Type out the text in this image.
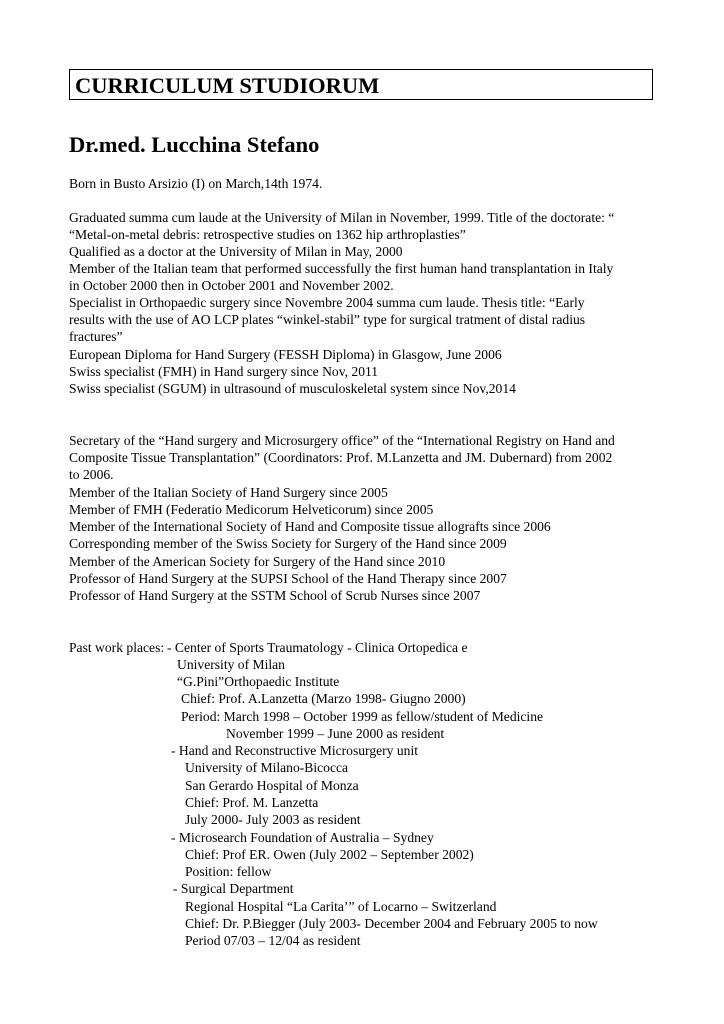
CURRICULUM STUDIORUM
Dr.med. Lucchina Stefano
Born in Busto Arsizio (I) on March,14th 1974.
Graduated summa cum laude at the University of Milan in November, 1999. Title of the doctorate: “
“Metal-on-metal debris: retrospective studies on 1362 hip arthroplasties”
Qualified as a doctor at the University of Milan in May, 2000
Member of the Italian team that performed successfully the first human hand transplantation in Italy
in October 2000 then in October 2001 and November 2002.
Specialist in Orthopaedic surgery since Novembre 2004 summa cum laude. Thesis title: “Early
results with the use of AO LCP plates “winkel-stabil” type for surgical tratment of distal radius
fractures”
European Diploma for Hand Surgery (FESSH Diploma) in Glasgow, June 2006
Swiss specialist (FMH) in Hand surgery since Nov, 2011
Swiss specialist (SGUM) in ultrasound of musculoskeletal system since Nov,2014
Secretary of the “Hand surgery and Microsurgery office” of the “International Registry on Hand and
Composite Tissue Transplantation” (Coordinators: Prof. M.Lanzetta and JM. Dubernard) from 2002
to 2006.
Member of the Italian Society of Hand Surgery since 2005
Member of FMH (Federatio Medicorum Helveticorum) since 2005
Member of the International Society of Hand and Composite tissue allografts since 2006
Corresponding member of the Swiss Society for Surgery of the Hand since 2009
Member of the American Society for Surgery of the Hand since 2010
Professor of Hand Surgery at the SUPSI School of the Hand Therapy since 2007
Professor of Hand Surgery at the SSTM School of Scrub Nurses since 2007
Past work places: - Center of Sports Traumatology - Clinica Ortopedica e
University of Milan
“G.Pini”Orthopaedic Institute
Chief: Prof. A.Lanzetta (Marzo 1998- Giugno 2000)
Period: March 1998 – October 1999 as fellow/student of Medicine
November 1999 – June 2000 as resident
- Hand and Reconstructive Microsurgery unit
University of Milano-Bicocca
San Gerardo Hospital of Monza
Chief: Prof. M. Lanzetta
July 2000- July 2003 as resident
- Microsearch Foundation of Australia – Sydney
Chief: Prof ER. Owen (July 2002 – September 2002)
Position: fellow
- Surgical Department
Regional Hospital “La Carita’” of Locarno – Switzerland
Chief: Dr. P.Biegger (July 2003- December 2004 and February 2005 to now
Period 07/03 – 12/04 as resident
